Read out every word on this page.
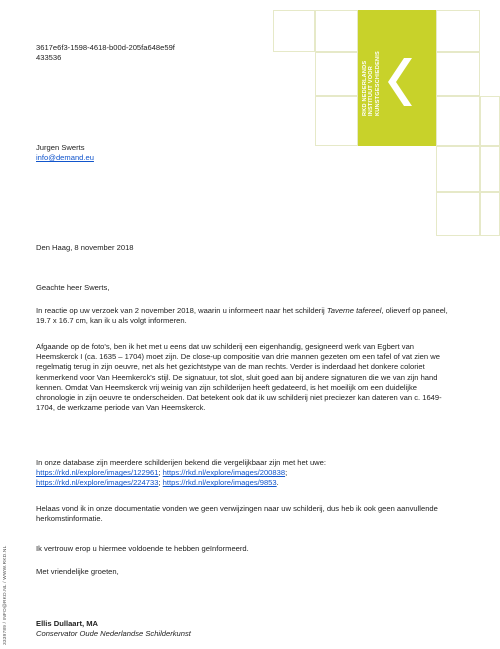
RKD NEDERLANDS INSTITUUT VOOR KUNSTGESCHIEDENIS

3617e6f3-1598-4618-b00d-205fa648e59f

433536

Jurgen Swerts

info@demand.eu

Den Haag, 8 november 2018
Geachte heer Swerts,
In reactie op uw verzoek van 2 november 2018, waarin u informeert naar het schilderij Taverne tafereel, olieverf op paneel, 19.7 x 16.7 cm, kan ik u als volgt informeren.
Afgaande op de foto's, ben ik het met u eens dat uw schilderij een eigenhandig, gesigneerd werk van Egbert van Heemskerck I (ca. 1635 – 1704) moet zijn. De close-up compositie van drie mannen gezeten om een tafel of vat zien we regelmatig terug in zijn oeuvre, net als het gezichtstype van de man rechts. Verder is inderdaad het donkere coloriet kenmerkend voor Van Heemkerck's stijl. De signatuur, tot slot, sluit goed aan bij andere signaturen die we van zijn hand kennen. Omdat Van Heemskerck vrij weinig van zijn schilderijen heeft gedateerd, is het moeilijk om een duidelijke chronologie in zijn oeuvre te onderscheiden. Dat betekent ook dat ik uw schilderij niet preciezer kan dateren van c. 1649-1704, de werkzame periode van Van Heemskerck.
In onze database zijn meerdere schilderijen bekend die vergelijkbaar zijn met het uwe:
https://rkd.nl/explore/images/122961; https://rkd.nl/explore/images/200838;
https://rkd.nl/explore/images/224733; https://rkd.nl/explore/images/9853.
Helaas vond ik in onze documentatie vonden we geen verwijzingen naar uw schilderij, dus heb ik ook geen aanvullende herkomstinformatie.
Ik vertrouw erop u hiermee voldoende te hebben geïnformeerd.
Met vriendelijke groeten,

Ellis Dullaart, MA

Conservator Oude Nederlandse Schilderkunst

3339789 / INFO@RKD.NL / WWW.RKD.NL
